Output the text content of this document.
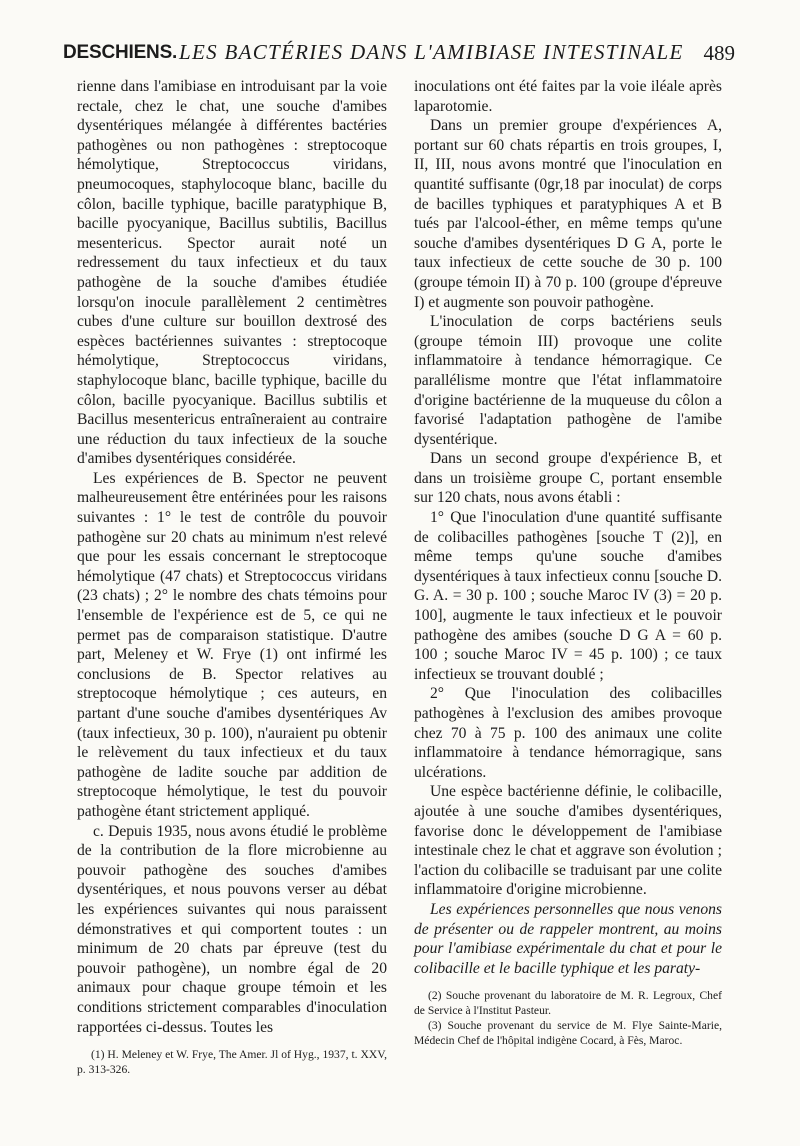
DESCHIENS. LES BACTÉRIES DANS L'AMIBIASE INTESTINALE 489

rienne dans l'amibiase en introduisant par la voie rectale, chez le chat, une souche d'amibes dysentériques mélangée à différentes bactéries pathogènes ou non pathogènes : streptocoque hémolytique, Streptococcus viridans, pneumocoques, staphylocoque blanc, bacille du côlon, bacille typhique, bacille paratyphique B, bacille pyocyanique, Bacillus subtilis, Bacillus mesentericus. Spector aurait noté un redressement du taux infectieux et du taux pathogène de la souche d'amibes étudiée lorsqu'on inocule parallèlement 2 centimètres cubes d'une culture sur bouillon dextrosé des espèces bactériennes suivantes : streptocoque hémolytique, Streptococcus viridans, staphylocoque blanc, bacille typhique, bacille du côlon, bacille pyocyanique. Bacillus subtilis et Bacillus mesentericus entraîneraient au contraire une réduction du taux infectieux de la souche d'amibes dysentériques considérée.

Les expériences de B. Spector ne peuvent malheureusement être entérinées pour les raisons suivantes : 1° le test de contrôle du pouvoir pathogène sur 20 chats au minimum n'est relevé que pour les essais concernant le streptocoque hémolytique (47 chats) et Streptococcus viridans (23 chats) ; 2° le nombre des chats témoins pour l'ensemble de l'expérience est de 5, ce qui ne permet pas de comparaison statistique. D'autre part, Meleney et W. Frye (1) ont infirmé les conclusions de B. Spector relatives au streptocoque hémolytique ; ces auteurs, en partant d'une souche d'amibes dysentériques Av (taux infectieux, 30 p. 100), n'auraient pu obtenir le relèvement du taux infectieux et du taux pathogène de ladite souche par addition de streptocoque hémolytique, le test du pouvoir pathogène étant strictement appliqué.

c. Depuis 1935, nous avons étudié le problème de la contribution de la flore microbienne au pouvoir pathogène des souches d'amibes dysentériques, et nous pouvons verser au débat les expériences suivantes qui nous paraissent démonstratives et qui comportent toutes : un minimum de 20 chats par épreuve (test du pouvoir pathogène), un nombre égal de 20 animaux pour chaque groupe témoin et les conditions strictement comparables d'inoculation rapportées ci-dessus. Toutes les

(1) H. Meleney et W. Frye, The Amer. Jl of Hyg., 1937, t. XXV, p. 313-326.

inoculations ont été faites par la voie iléale après laparotomie.

Dans un premier groupe d'expériences A, portant sur 60 chats répartis en trois groupes, I, II, III, nous avons montré que l'inoculation en quantité suffisante (0gr,18 par inoculat) de corps de bacilles typhiques et paratyphiques A et B tués par l'alcool-éther, en même temps qu'une souche d'amibes dysentériques D G A, porte le taux infectieux de cette souche de 30 p. 100 (groupe témoin II) à 70 p. 100 (groupe d'épreuve I) et augmente son pouvoir pathogène.

L'inoculation de corps bactériens seuls (groupe témoin III) provoque une colite inflammatoire à tendance hémorragique. Ce parallélisme montre que l'état inflammatoire d'origine bactérienne de la muqueuse du côlon a favorisé l'adaptation pathogène de l'amibe dysentérique.

Dans un second groupe d'expérience B, et dans un troisième groupe C, portant ensemble sur 120 chats, nous avons établi :

1° Que l'inoculation d'une quantité suffisante de colibacilles pathogènes [souche T (2)], en même temps qu'une souche d'amibes dysentériques à taux infectieux connu [souche D. G. A. = 30 p. 100 ; souche Maroc IV (3) = 20 p. 100], augmente le taux infectieux et le pouvoir pathogène des amibes (souche D G A = 60 p. 100 ; souche Maroc IV = 45 p. 100) ; ce taux infectieux se trouvant doublé ;

2° Que l'inoculation des colibacilles pathogènes à l'exclusion des amibes provoque chez 70 à 75 p. 100 des animaux une colite inflammatoire à tendance hémorragique, sans ulcérations.

Une espèce bactérienne définie, le colibacille, ajoutée à une souche d'amibes dysentériques, favorise donc le développement de l'amibiase intestinale chez le chat et aggrave son évolution ; l'action du colibacille se traduisant par une colite inflammatoire d'origine microbienne.

Les expériences personnelles que nous venons de présenter ou de rappeler montrent, au moins pour l'amibiase expérimentale du chat et pour le colibacille et le bacille typhique et les paraty-

(2) Souche provenant du laboratoire de M. R. Legroux, Chef de Service à l'Institut Pasteur.

(3) Souche provenant du service de M. Flye Sainte-Marie, Médecin Chef de l'hôpital indigène Cocard, à Fès, Maroc.
